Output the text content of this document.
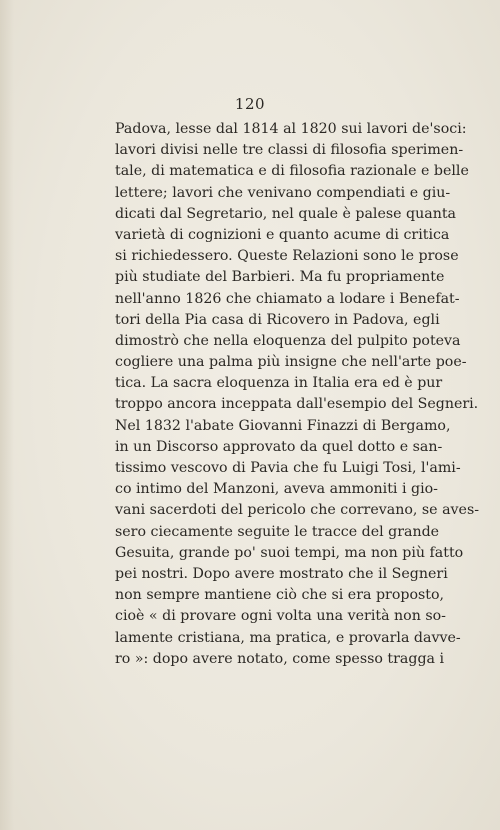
120
Padova, lesse dal 1814 al 1820 sui lavori de'soci:
lavori divisi nelle tre classi di filosofia sperimen-
tale, di matematica e di filosofia razionale e belle
lettere; lavori che venivano compendiati e giu-
dicati dal Segretario, nel quale è palese quanta
varietà di cognizioni e quanto acume di critica
si richiedessero. Queste Relazioni sono le prose
più studiate del Barbieri. Ma fu propriamente
nell'anno 1826 che chiamato a lodare i Benefat-
tori della Pia casa di Ricovero in Padova, egli
dimostrò che nella eloquenza del pulpito poteva
cogliere una palma più insigne che nell'arte poe-
tica. La sacra eloquenza in Italia era ed è pur
troppo ancora inceppata dall'esempio del Segneri.
Nel 1832 l'abate Giovanni Finazzi di Bergamo,
in un Discorso approvato da quel dotto e san-
tissimo vescovo di Pavia che fu Luigi Tosi, l'ami-
co intimo del Manzoni, aveva ammoniti i gio-
vani sacerdoti del pericolo che correvano, se aves-
sero ciecamente seguite le tracce del grande
Gesuita, grande po' suoi tempi, ma non più fatto
pei nostri. Dopo avere mostrato che il Segneri
non sempre mantiene ciò che si era proposto,
cioè « di provare ogni volta una verità non so-
lamente cristiana, ma pratica, e provarla davve-
ro »: dopo avere notato, come spesso tragga i
